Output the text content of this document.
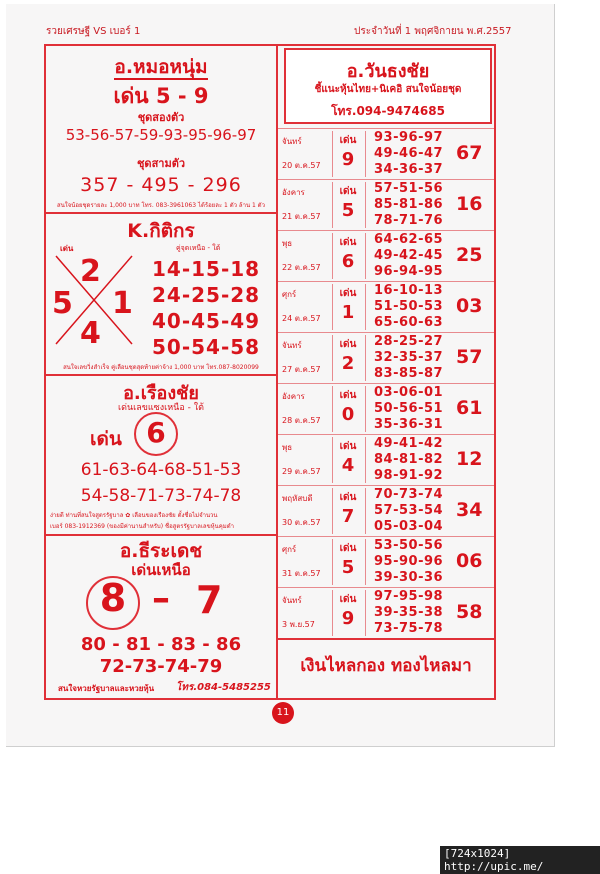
รวยเศรษฐี VS เบอร์ 1	ประจำวันที่ 1 พฤศจิกายน พ.ศ.2557
อ.หมอหนุ่ม
เด่น 5 - 9
ชุดสองตัว
53-56-57-59-93-95-96-97
ชุดสามตัว
357 - 495 - 296
สนใจน้อยชุดรายละ 1,000 บาท โทร. 083-3961063 ได้ร้อยละ 1 ตัว ล้าน 1 ตัว
K.กิติกร
เด่น	คู่จุดเหนือ - ใต้
2
5 1
4
14-15-18
24-25-28
40-45-49
50-54-58
สนใจเลขวิ่งสำเร็จ คู่เลือนชุดสุดท้ายค่าจ้าง 1,000 บาท โทร.087-8020099
อ.เรืองชัย
เด่นเลขแซงเหนือ - ใต้
เด่น 6
61-63-64-68-51-53
54-58-71-73-74-78
ง่ายดี ท่านที่สนใจสูตรรัฐบาล ✿ เลือนของเรืองชัย ตั้งชื่อไม่จำนวน
เบอร์ 083-1912369 (ของมีค่านานสำหรับ) ชื่อสูตรรัฐบาลเลขหุ้นคุมดำ
อ.ธีระเดช
เด่นเหนือ
8 – 7
80 - 81 - 83 - 86
72-73-74-79
สนใจหวยรัฐบาลและหวยหุ้น โทร.084-5485255
อ.วันธงชัย
ชี้แนะหุ้นไทย+นิเคอิ สนใจน้อยชุด
โทร.094-9474685
จันทร์
20 ต.ค.57
เด่น
9
93-96-97
49-46-47
34-36-37
67
อังคาร
21 ต.ค.57
เด่น
5
57-51-56
85-81-86
78-71-76
16
พุธ
22 ต.ค.57
เด่น
6
64-62-65
49-42-45
96-94-95
25
ศุกร์
24 ต.ค.57
เด่น
1
16-10-13
51-50-53
65-60-63
03
จันทร์
27 ต.ค.57
เด่น
2
28-25-27
32-35-37
83-85-87
57
อังคาร
28 ต.ค.57
เด่น
0
03-06-01
50-56-51
35-36-31
61
พุธ
29 ต.ค.57
เด่น
4
49-41-42
84-81-82
98-91-92
12
พฤหัสบดี
30 ต.ค.57
เด่น
7
70-73-74
57-53-54
05-03-04
34
ศุกร์
31 ต.ค.57
เด่น
5
53-50-56
95-90-96
39-30-36
06
จันทร์
3 พ.ย.57
เด่น
9
97-95-98
39-35-38
73-75-78
58
เงินไหลกอง ทองไหลมา
11
[724x1024] http://upic.me/
